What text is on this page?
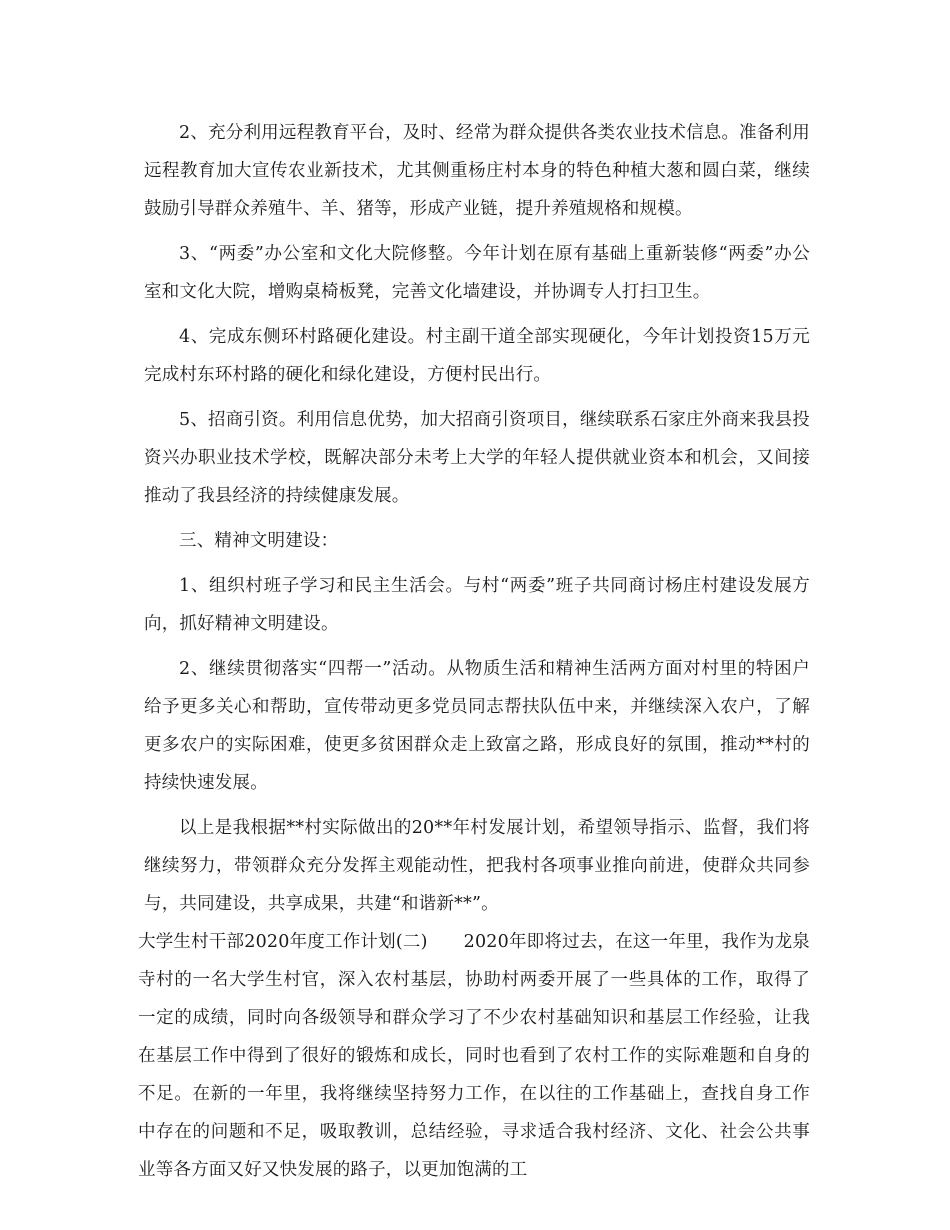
2、充分利用远程教育平台，及时、经常为群众提供各类农业技术信息。准备利用远程教育加大宣传农业新技术，尤其侧重杨庄村本身的特色种植大葱和圆白菜，继续鼓励引导群众养殖牛、羊、猪等，形成产业链，提升养殖规格和规模。

3、“两委”办公室和文化大院修整。今年计划在原有基础上重新装修“两委”办公室和文化大院，增购桌椅板凳，完善文化墙建设，并协调专人打扫卫生。

4、完成东侧环村路硬化建设。村主副干道全部实现硬化，今年计划投资15万元完成村东环村路的硬化和绿化建设，方便村民出行。

5、招商引资。利用信息优势，加大招商引资项目，继续联系石家庄外商来我县投资兴办职业技术学校，既解决部分未考上大学的年轻人提供就业资本和机会，又间接推动了我县经济的持续健康发展。

三、精神文明建设：

1、组织村班子学习和民主生活会。与村“两委”班子共同商讨杨庄村建设发展方向，抓好精神文明建设。

2、继续贯彻落实“四帮一”活动。从物质生活和精神生活两方面对村里的特困户给予更多关心和帮助，宣传带动更多党员同志帮扶队伍中来，并继续深入农户，了解更多农户的实际困难，使更多贫困群众走上致富之路，形成良好的氛围，推动**村的持续快速发展。

以上是我根据**村实际做出的20**年村发展计划，希望领导指示、监督，我们将继续努力，带领群众充分发挥主观能动性，把我村各项事业推向前进，使群众共同参与，共同建设，共享成果，共建“和谐新**”。

大学生村干部2020年度工作计划(二) 2020年即将过去，在这一年里，我作为龙泉寺村的一名大学生村官，深入农村基层，协助村两委开展了一些具体的工作，取得了一定的成绩，同时向各级领导和群众学习了不少农村基础知识和基层工作经验，让我在基层工作中得到了很好的锻炼和成长，同时也看到了农村工作的实际难题和自身的不足。在新的一年里，我将继续坚持努力工作，在以往的工作基础上，查找自身工作中存在的问题和不足，吸取教训，总结经验，寻求适合我村经济、文化、社会公共事业等各方面又好又快发展的路子，以更加饱满的工
